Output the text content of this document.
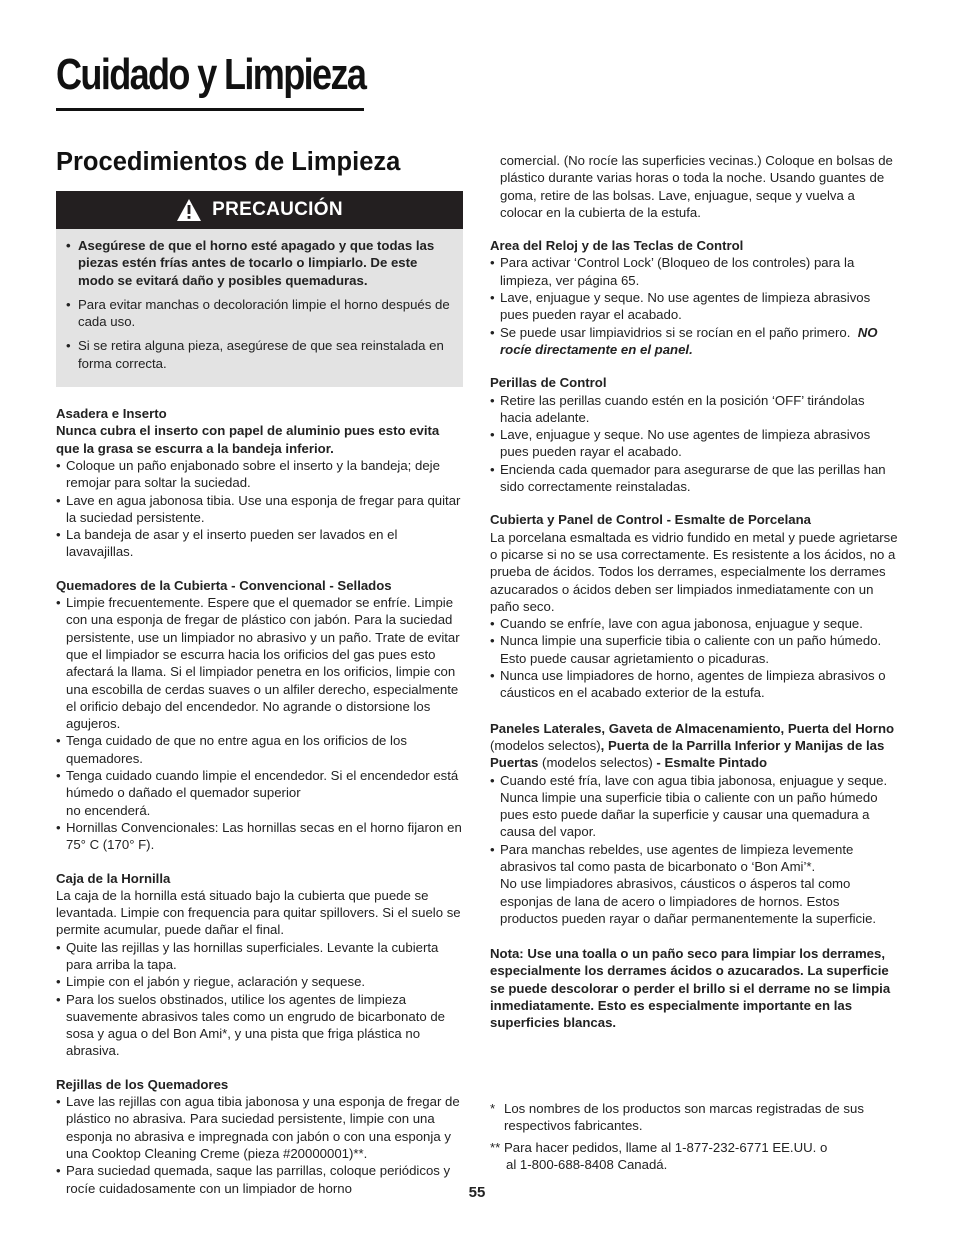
Cuidado y Limpieza
Procedimientos de Limpieza
PRECAUCIÓN
• Asegúrese de que el horno esté apagado y que todas las piezas estén frías antes de tocarlo o limpiarlo. De este modo se evitará daño y posibles quemaduras.
• Para evitar manchas o decoloración limpie el horno después de cada uso.
• Si se retira alguna pieza, asegúrese de que sea reinstalada en forma correcta.

Asadera e Inserto

Nunca cubra el inserto con papel de aluminio pues esto evita que la grasa se escurra a la bandeja inferior.

• Coloque un paño enjabonado sobre el inserto y la bandeja; deje remojar para soltar la suciedad.
• Lave en agua jabonosa tibia. Use una esponja de fregar para quitar la suciedad persistente.
• La bandeja de asar y el inserto pueden ser lavados en el lavavajillas.

Quemadores de la Cubierta - Convencional - Sellados

• Limpie frecuentemente. Espere que el quemador se enfríe. Limpie con una esponja de fregar de plástico con jabón. Para la suciedad persistente, use un limpiador no abrasivo y un paño. Trate de evitar que el limpiador se escurra hacia los orificios del gas pues esto afectará la llama. Si el limpiador penetra en los orificios, limpie con una escobilla de cerdas suaves o un alfiler derecho, especialmente el orificio debajo del encendedor. No agrande o distorsione los agujeros.
• Tenga cuidado de que no entre agua en los orificios de los quemadores.
• Tenga cuidado cuando limpie el encendedor. Si el encendedor está húmedo o dañado el quemador superior
no encenderá.
• Hornillas Convencionales: Las hornillas secas en el horno fijaron en 75° C (170° F).

Caja de la Hornilla

La caja de la hornilla está situado bajo la cubierta que puede se levantada. Limpie con frequencia para quitar spillovers. Si el suelo se permite acumular, puede dañar el final.

• Quite las rejillas y las hornillas superficiales. Levante la cubierta para arriba la tapa.
• Limpie con el jabón y riegue, aclaración y sequese.
• Para los suelos obstinados, utilice los agentes de limpieza suavemente abrasivos tales como un engrudo de bicarbonato de sosa y agua o del Bon Ami*, y una pista que friga plástica no abrasiva.

Rejillas de los Quemadores

• Lave las rejillas con agua tibia jabonosa y una esponja de fregar de plástico no abrasiva. Para suciedad persistente, limpie con una esponja no abrasiva e impregnada con jabón o con una esponja y una Cooktop Cleaning Creme (pieza #20000001)**.
• Para suciedad quemada, saque las parrillas, coloque periódicos y rocíe cuidadosamente con un limpiador de horno

comercial. (No rocíe las superficies vecinas.) Coloque en bolsas de plástico durante varias horas o toda la noche. Usando guantes de goma, retire de las bolsas. Lave, enjuague, seque y vuelva a colocar en la cubierta de la estufa.

Area del Reloj y de las Teclas de Control

• Para activar ‘Control Lock’ (Bloqueo de los controles) para la limpieza, ver página 65.
• Lave, enjuague y seque. No use agentes de limpieza abrasivos pues pueden rayar el acabado.
• Se puede usar limpiavidrios si se rocían en el paño primero. NO rocíe directamente en el panel.

Perillas de Control

• Retire las perillas cuando estén en la posición ‘OFF’ tirándolas hacia adelante.
• Lave, enjuague y seque. No use agentes de limpieza abrasivos pues pueden rayar el acabado.
• Encienda cada quemador para asegurarse de que las perillas han sido correctamente reinstaladas.

Cubierta y Panel de Control - Esmalte de Porcelana

La porcelana esmaltada es vidrio fundido en metal y puede agrietarse o picarse si no se usa correctamente. Es resistente a los ácidos, no a prueba de ácidos. Todos los derrames, especialmente los derrames azucarados o ácidos deben ser limpiados inmediatamente con un paño seco.

• Cuando se enfríe, lave con agua jabonosa, enjuague y seque.
• Nunca limpie una superficie tibia o caliente con un paño húmedo. Esto puede causar agrietamiento o picaduras.
• Nunca use limpiadores de horno, agentes de limpieza abrasivos o cáusticos en el acabado exterior de la estufa.

Paneles Laterales, Gaveta de Almacenamiento, Puerta del Horno (modelos selectos), Puerta de la Parrilla Inferior y Manijas de las Puertas (modelos selectos) - Esmalte Pintado

• Cuando esté fría, lave con agua tibia jabonosa, enjuague y seque. Nunca limpie una superficie tibia o caliente con un paño húmedo pues esto puede dañar la superficie y causar una quemadura a causa del vapor.
• Para manchas rebeldes, use agentes de limpieza levemente abrasivos tal como pasta de bicarbonato o ‘Bon Ami’*.
No use limpiadores abrasivos, cáusticos o ásperos tal como esponjas de lana de acero o limpiadores de hornos. Estos productos pueden rayar o dañar permanentemente la superficie.

Nota: Use una toalla o un paño seco para limpiar los derrames, especialmente los derrames ácidos o azucarados. La superficie se puede descolorar o perder el brillo si el derrame no se limpia inmediatamente. Esto es especialmente importante en las superficies blancas.

* Los nombres de los productos son marcas registradas de sus respectivos fabricantes.
** Para hacer pedidos, llame al 1-877-232-6771 EE.UU. o
al 1-800-688-8408 Canadá.
55
